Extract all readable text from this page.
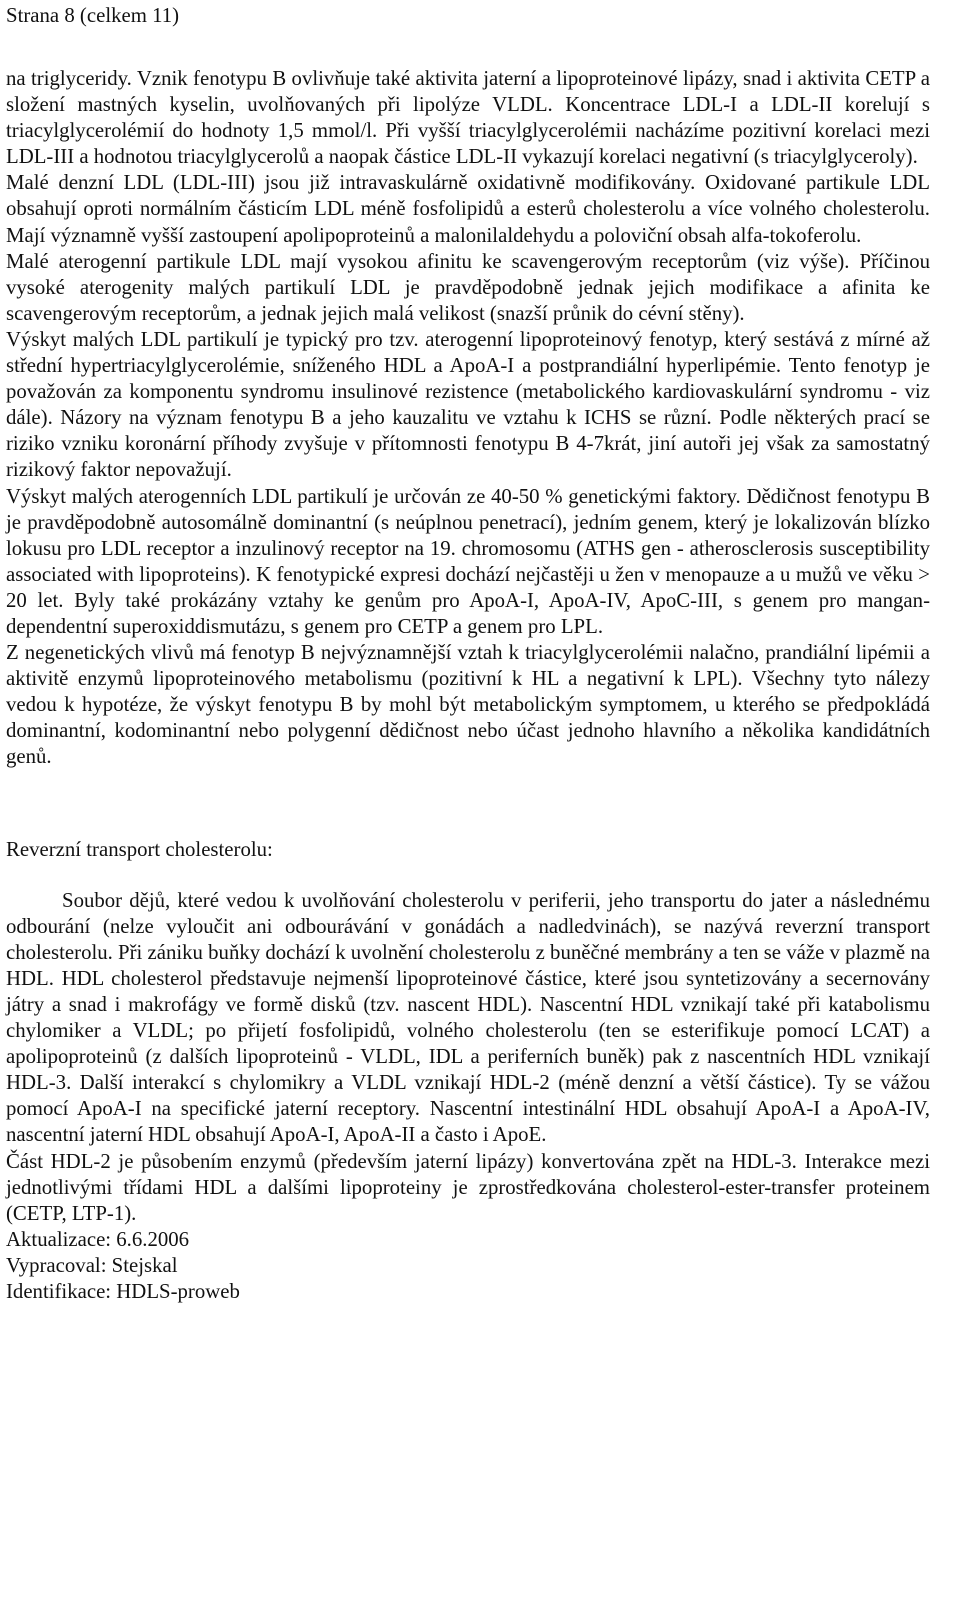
Strana 8 (celkem 11)

na triglyceridy. Vznik fenotypu B ovlivňuje také aktivita jaterní a lipoproteinové lipázy, snad i aktivita CETP a složení mastných kyselin, uvolňovaných při lipolýze VLDL. Koncentrace LDL-I a LDL-II korelují s triacylglycerolémií do hodnoty 1,5 mmol/l. Při vyšší triacylglycerolémii nacházíme pozitivní korelaci mezi LDL-III a hodnotou triacylglycerolů a naopak částice LDL-II vykazují korelaci negativní (s triacylglyceroly).

Malé denzní LDL (LDL-III) jsou již intravaskulárně oxidativně modifikovány. Oxidované partikule LDL obsahují oproti normálním částicím LDL méně fosfolipidů a esterů cholesterolu a více volného cholesterolu. Mají významně vyšší zastoupení apolipoproteinů a malonilaldehydu a poloviční obsah alfa-tokoferolu.

Malé aterogenní partikule LDL mají vysokou afinitu ke scavengerovým receptorům (viz výše). Příčinou vysoké aterogenity malých partikulí LDL je pravděpodobně jednak jejich modifikace a afinita ke scavengerovým receptorům, a jednak jejich malá velikost (snazší průnik do cévní stěny).

Výskyt malých LDL partikulí je typický pro tzv. aterogenní lipoproteinový fenotyp, který sestává z mírné až střední hypertriacylglycerolémie, sníženého HDL a ApoA-I a postprandiální hyperlipémie. Tento fenotyp je považován za komponentu syndromu insulinové rezistence (metabolického kardiovaskulární syndromu - viz dále). Názory na význam fenotypu B a jeho kauzalitu ve vztahu k ICHS se různí. Podle některých prací se riziko vzniku koronární příhody zvyšuje v přítomnosti fenotypu B 4-7krát, jiní autoři jej však za samostatný rizikový faktor nepovažují.

Výskyt malých aterogenních LDL partikulí je určován ze 40-50 % genetickými faktory. Dědičnost fenotypu B je pravděpodobně autosomálně dominantní (s neúplnou penetrací), jedním genem, který je lokalizován blízko lokusu pro LDL receptor a inzulinový receptor na 19. chromosomu (ATHS gen - atherosclerosis susceptibility associated with lipoproteins). K fenotypické expresi dochází nejčastěji u žen v menopauze a u mužů ve věku > 20 let. Byly také prokázány vztahy ke genům pro ApoA-I, ApoA-IV, ApoC-III, s genem pro mangan-dependentní superoxiddismutázu, s genem pro CETP a genem pro LPL.

Z negenetických vlivů má fenotyp B nejvýznamnější vztah k triacylglycerolémii nalačno, prandiální lipémii a aktivitě enzymů lipoproteinového metabolismu (pozitivní k HL a negativní k LPL). Všechny tyto nálezy vedou k hypotéze, že výskyt fenotypu B by mohl být metabolickým symptomem, u kterého se předpokládá dominantní, kodominantní nebo polygenní dědičnost nebo účast jednoho hlavního a několika kandidátních genů.

Reverzní transport cholesterolu:

Soubor dějů, které vedou k uvolňování cholesterolu v periferii, jeho transportu do jater a následnému odbourání (nelze vyloučit ani odbourávání v gonádách a nadledvinách), se nazývá reverzní transport cholesterolu. Při zániku buňky dochází k uvolnění cholesterolu z buněčné membrány a ten se váže v plazmě na HDL. HDL cholesterol představuje nejmenší lipoproteinové částice, které jsou syntetizovány a secernovány játry a snad i makrofágy ve formě disků (tzv. nascent HDL). Nascentní HDL vznikají také při katabolismu chylomiker a VLDL; po přijetí fosfolipidů, volného cholesterolu (ten se esterifikuje pomocí LCAT) a apolipoproteinů (z dalších lipoproteinů - VLDL, IDL a periferních buněk) pak z nascentních HDL vznikají HDL-3. Další interakcí s chylomikry a VLDL vznikají HDL-2 (méně denzní a větší částice). Ty se vážou pomocí ApoA-I na specifické jaterní receptory. Nascentní intestinální HDL obsahují ApoA-I a ApoA-IV, nascentní jaterní HDL obsahují ApoA-I, ApoA-II a často i ApoE.

Část HDL-2 je působením enzymů (především jaterní lipázy) konvertována zpět na HDL-3. Interakce mezi jednotlivými třídami HDL a dalšími lipoproteiny je zprostředkována cholesterol-ester-transfer proteinem (CETP, LTP-1).

Aktualizace: 6.6.2006

Vypracoval: Stejskal

Identifikace: HDLS-proweb
